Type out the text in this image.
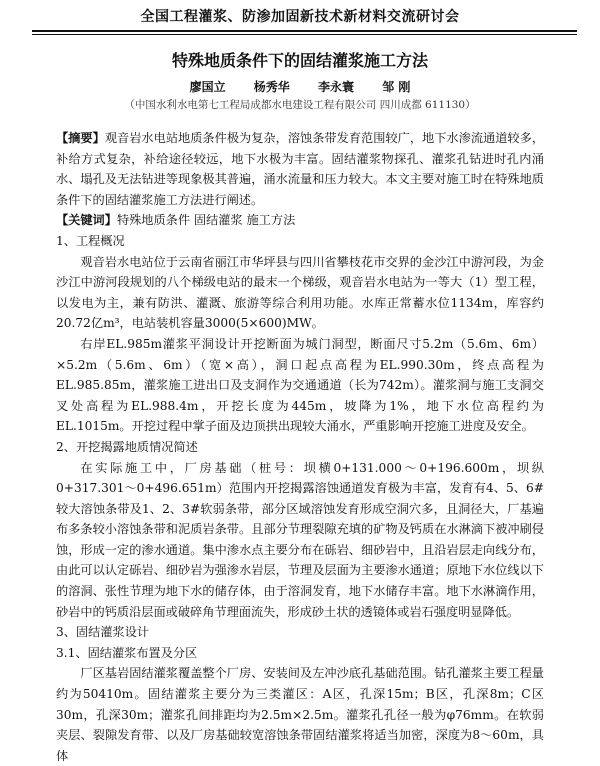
全国工程灌浆、防渗加固新技术新材料交流研讨会
特殊地质条件下的固结灌浆施工方法
廖国立 杨秀华 李永寰 邹 刚
（中国水利水电第七工程局成都水电建设工程有限公司 四川成都 611130）

【摘要】观音岩水电站地质条件极为复杂，溶蚀条带发育范围较广，地下水渗流通道较多，补给方式复杂，补给途径较远，地下水极为丰富。固结灌浆物探孔、灌浆孔钻进时孔内涌水、塌孔及无法钻进等现象极其普遍，涌水流量和压力较大。本文主要对施工时在特殊地质条件下的固结灌浆施工方法进行阐述。

【关键词】特殊地质条件 固结灌浆 施工方法

1、工程概况

观音岩水电站位于云南省丽江市华坪县与四川省攀枝花市交界的金沙江中游河段，为金沙江中游河段规划的八个梯级电站的最末一个梯级，观音岩水电站为一等大（1）型工程，以发电为主，兼有防洪、灌溉、旅游等综合利用功能。水库正常蓄水位1134m，库容约20.72亿m³，电站装机容量3000(5×600)MW。

右岸EL.985m灌浆平洞设计开挖断面为城门洞型，断面尺寸5.2m（5.6m、6m）×5.2m（5.6m、6m）（宽×高），洞口起点高程为EL.990.30m，终点高程为EL.985.85m，灌浆施工进出口及支洞作为交通通道（长为742m）。灌浆洞与施工支洞交叉处高程为EL.988.4m，开挖长度为445m，坡降为1%，地下水位高程约为EL.1015m。开挖过程中掌子面及边顶拱出现较大涌水，严重影响开挖施工进度及安全。

2、开挖揭露地质情况简述

在实际施工中，厂房基础（桩号：坝横0+131.000～0+196.600m，坝纵0+317.301～0+496.651m）范围内开挖揭露溶蚀通道发育极为丰富，发育有4、5、6#较大溶蚀条带及1、2、3#软弱条带，部分区域溶蚀发育形成空洞穴多，且洞径大，厂基遍布多条较小溶蚀条带和泥质岩条带。且部分节理裂隙充填的矿物及钙质在水淋滴下被冲刷侵蚀，形成一定的渗水通道。集中渗水点主要分布在砾岩、细砂岩中，且沿岩层走向线分布，由此可以认定砾岩、细砂岩为强渗水岩层，节理及层面为主要渗水通道；原地下水位线以下的溶洞、张性节理为地下水的储存体，由于溶洞发育，地下水储存丰富。地下水淋滴作用，砂岩中的钙质沿层面或破碎角节理面流失，形成砂土状的透镜体或岩石强度明显降低。

3、固结灌浆设计

3.1、固结灌浆布置及分区

厂区基岩固结灌浆覆盖整个厂房、安装间及左冲沙底孔基础范围。钻孔灌浆主要工程量约为50410m。固结灌浆主要分为三类灌区：A区，孔深15m；B区，孔深8m；C区30m，孔深30m；灌浆孔间排距均为2.5m×2.5m。灌浆孔孔径一般为φ76mm。在软弱夹层、裂隙发育带、以及厂房基础较宽溶蚀条带固结灌浆将适当加密，深度为8～60m，具体
